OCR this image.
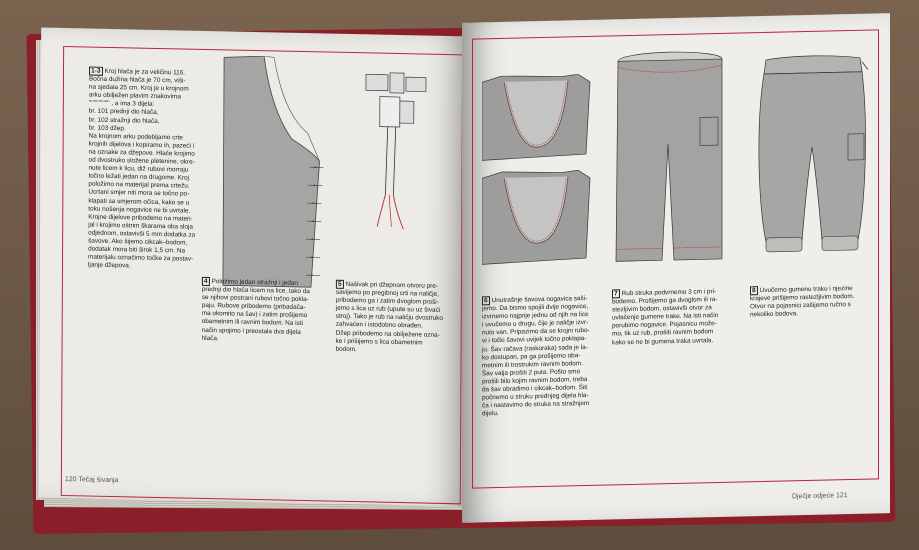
1-3 Kroj hlača je za veličinu 116.
Bočna dužina hlača je 70 cm, viši-
na sjedala 25 cm. Kroj je u krojnom
arku obilježen plavim znakovima
''''''''''''''''' , a ima 3 dijela:
br. 101 prednji dio hlača,
br. 102 stražnji dio hlača,
br. 103 džep.
Na krojnom arku podebljamo crte
krojnih dijelova i kopiramo ih, pazeći i
na oznake za džepove. Hlače krojimo
od dvostruko složene pletenine, okre-
nute licem k licu, diž rubovi morraju
točno ležati jedan na drugome. Kroj
položimo na materijal prema crtežu.
Ucrtani smjer niti mora se točno po-
klapati sa smjerom očica, kako se u
toku nošenja nogavice ne bi uvrtale.
Krojne dijelove pribodemo na materi-
jal i krojimo oštrim škarama oba sloja
odjednom, ostavivši 5 mm dodatka za
šavove. Ako šijemo cikcak–bodom,
dodatak mora biti širok 1,5 cm. Na
materijalu označimo točke za postav-
ljanje džepova.
4 Položimo jedan stražnji i jedan
prednji dio hlača licem na lice, tako da
se njihovi postrani rubovi točno pokla-
paju. Rubove pribodemo (pribadača-
ma okomito na šav) i zatim prošijemo
obametnim ili ravnim bodom. Na isti
način spojimo i preostala dva dijela
hlača.
5 Našivak pri džepnom otvoru pre-
savijemo po pregibnoj crti na naličje,
pribodemo ga i zatim dvoglom proši-
jemo s lica uz rub (upute su uz šivaći
stroj). Tako je rub na naličju dvostruko
zahvaćen i istodobno obrađen.
Džep pribodemo na obilježene ozna-
ke i prišijemo s lica obametnim
bodom.
120 Tečaj šivanja
6 Unutrašnje šavova nogavica saši-
jemo. Da bismo spojili dvije nogavice,
izvrnemo najprije jednu od njih na lice
i uvučemo u drugu, čije je naličje izvr-
nuto van. Pripazimo da se krojni rubo-
vi i točki šavovi uvijek točno poklapa-
ju. Šav račava (raskoraka) sada je la-
ko dostupan, pa ga prošijemo oba-
metnim ili trostrukim ravnim bodom.
Šav valja prošiti 2 puta. Pošto smo
prošili bilo kojim ravnim bodom, treba
da šav obradimo i cikcak–bodom. Šiti
počnemo u struku prednjeg dijela hla-
ča i nastavimo do struka na stražnjem
dijelu.
7 Rub struka podvrnemo 3 cm i pri-
bodemo. Prošijemo ga dvoglom ili ra-
stezljivim bodom, ostavivši otvor za
uvlačenje gumene trake. Na isti način
porubimo nogavice. Pojasnicu može-
mo, tik uz rub, prošiti ravnim bodom
kako se ne bi gumena traka uvrtala.
8 Uvučemo gumenu traku i njezine
krajeve prišijemo rastezljivim bodom.
Otvor na pojasnici zašijemo ručno s
nekoliko bodova.
Dječje odjeće 121
